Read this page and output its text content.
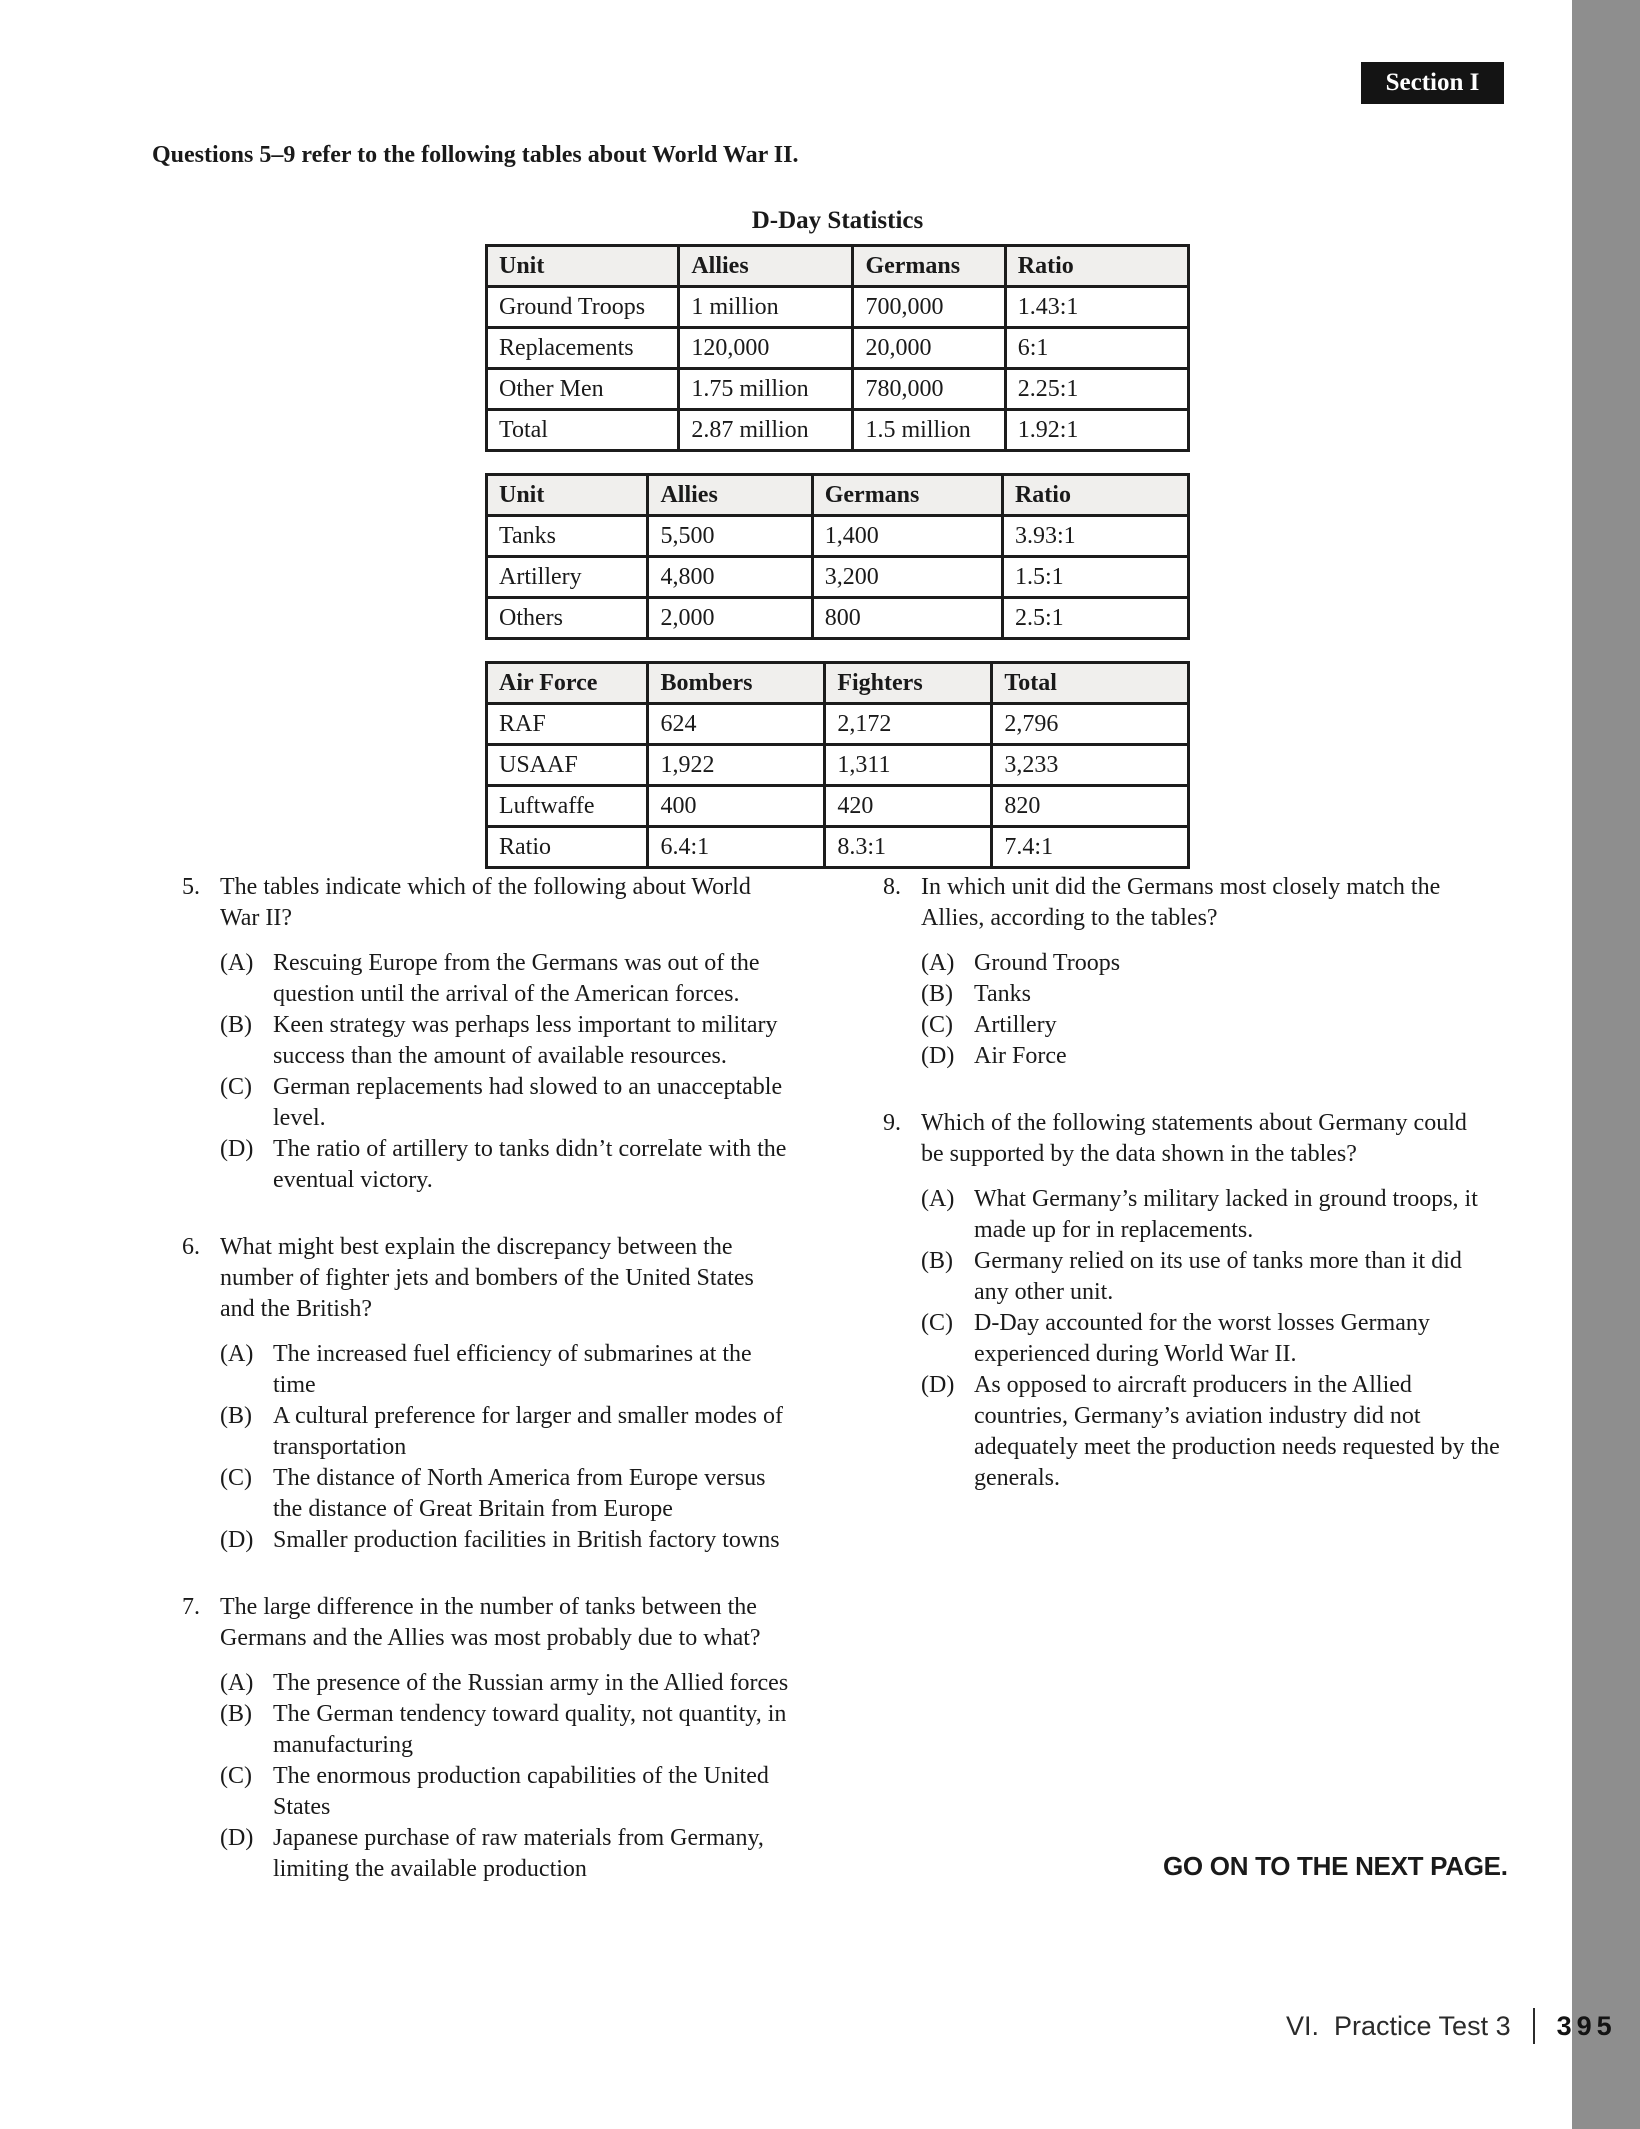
Section I
Questions 5–9 refer to the following tables about World War II.
D-Day Statistics
Unit	Allies	Germans	Ratio
Ground Troops	1 million	700,000	1.43:1
Replacements	120,000	20,000	6:1
Other Men	1.75 million	780,000	2.25:1
Total	2.87 million	1.5 million	1.92:1
Unit	Allies	Germans	Ratio
Tanks	5,500	1,400	3.93:1
Artillery	4,800	3,200	1.5:1
Others	2,000	800	2.5:1
Air Force	Bombers	Fighters	Total
RAF	624	2,172	2,796
USAAF	1,922	1,311	3,233
Luftwaffe	400	420	820
Ratio	6.4:1	8.3:1	7.4:1
5. The tables indicate which of the following about World War II?
(A) Rescuing Europe from the Germans was out of the question until the arrival of the American forces.
(B) Keen strategy was perhaps less important to military success than the amount of available resources.
(C) German replacements had slowed to an unacceptable level.
(D) The ratio of artillery to tanks didn’t correlate with the eventual victory.
6. What might best explain the discrepancy between the number of fighter jets and bombers of the United States and the British?
(A) The increased fuel efficiency of submarines at the time
(B) A cultural preference for larger and smaller modes of transportation
(C) The distance of North America from Europe versus the distance of Great Britain from Europe
(D) Smaller production facilities in British factory towns
7. The large difference in the number of tanks between the Germans and the Allies was most probably due to what?
(A) The presence of the Russian army in the Allied forces
(B) The German tendency toward quality, not quantity, in manufacturing
(C) The enormous production capabilities of the United States
(D) Japanese purchase of raw materials from Germany, limiting the available production
8. In which unit did the Germans most closely match the Allies, according to the tables?
(A) Ground Troops
(B) Tanks
(C) Artillery
(D) Air Force
9. Which of the following statements about Germany could be supported by the data shown in the tables?
(A) What Germany’s military lacked in ground troops, it made up for in replacements.
(B) Germany relied on its use of tanks more than it did any other unit.
(C) D-Day accounted for the worst losses Germany experienced during World War II.
(D) As opposed to aircraft producers in the Allied countries, Germany’s aviation industry did not adequately meet the production needs requested by the generals.
GO ON TO THE NEXT PAGE.
VI. Practice Test 3 395
